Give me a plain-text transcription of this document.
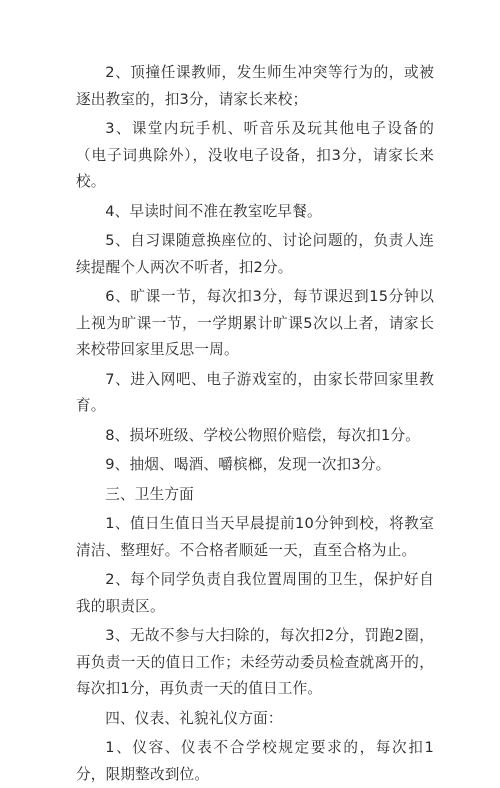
2、顶撞任课教师，发生师生冲突等行为的，或被逐出教室的，扣3分，请家长来校；

3、课堂内玩手机、听音乐及玩其他电子设备的（电子词典除外），没收电子设备，扣3分，请家长来校。

4、早读时间不准在教室吃早餐。

5、自习课随意换座位的、讨论问题的，负责人连续提醒个人两次不听者，扣2分。

6、旷课一节，每次扣3分，每节课迟到15分钟以上视为旷课一节，一学期累计旷课5次以上者，请家长来校带回家里反思一周。

7、进入网吧、电子游戏室的，由家长带回家里教育。

8、损坏班级、学校公物照价赔偿，每次扣1分。

9、抽烟、喝酒、嚼槟榔，发现一次扣3分。

三、卫生方面

1、值日生值日当天早晨提前10分钟到校，将教室清洁、整理好。不合格者顺延一天，直至合格为止。

2、每个同学负责自我位置周围的卫生，保护好自我的职责区。

3、无故不参与大扫除的，每次扣2分，罚跑2圈，再负责一天的值日工作；未经劳动委员检查就离开的，每次扣1分，再负责一天的值日工作。

四、仪表、礼貌礼仪方面：

1、仪容、仪表不合学校规定要求的，每次扣1分，限期整改到位。
